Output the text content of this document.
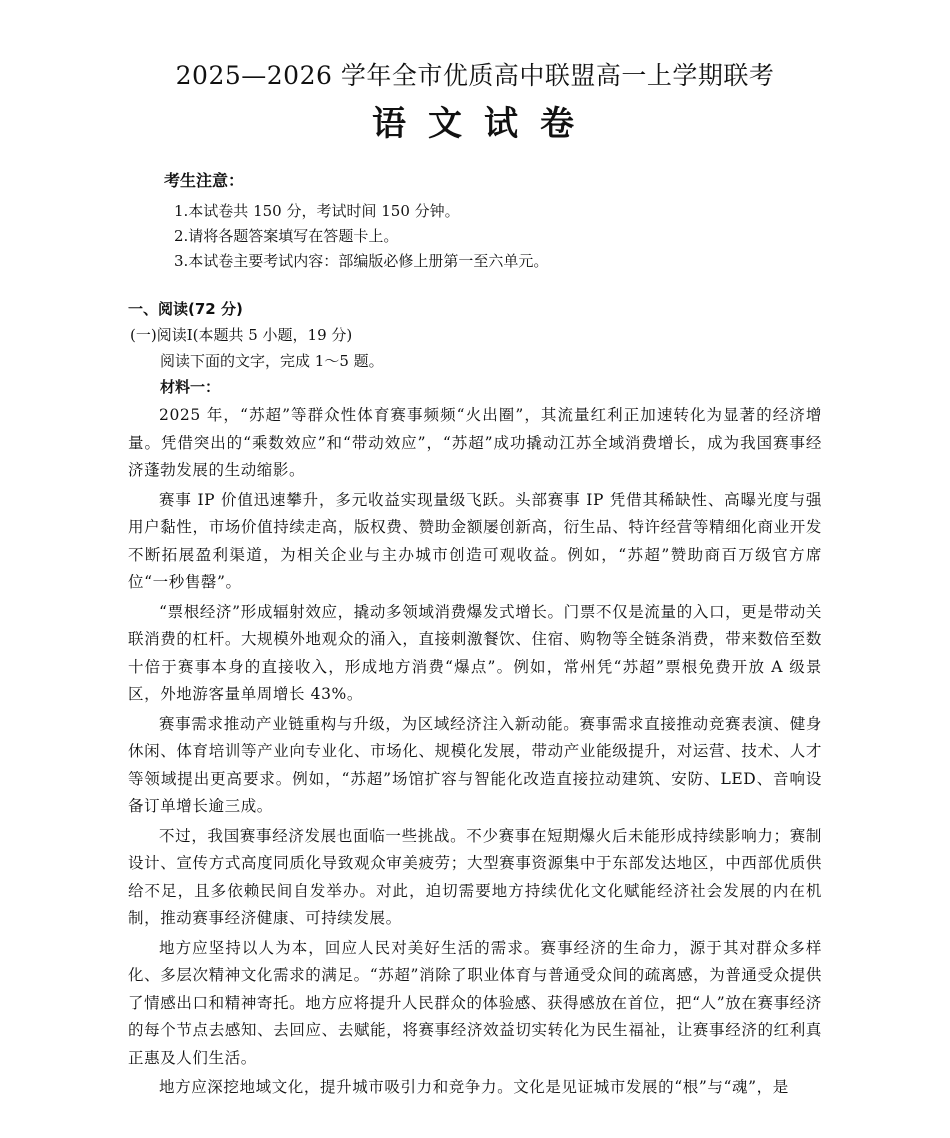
2025—2026 学年全市优质高中联盟高一上学期联考
语文试卷
考生注意：
1.本试卷共 150 分，考试时间 150 分钟。
2.请将各题答案填写在答题卡上。
3.本试卷主要考试内容：部编版必修上册第一至六单元。
一、阅读(72 分)
(一)阅读Ⅰ(本题共 5 小题，19 分)
阅读下面的文字，完成 1～5 题。
材料一：

2025 年，“苏超”等群众性体育赛事频频“火出圈”，其流量红利正加速转化为显著的经济增量。凭借突出的“乘数效应”和“带动效应”，“苏超”成功撬动江苏全域消费增长，成为我国赛事经济蓬勃发展的生动缩影。

赛事 IP 价值迅速攀升，多元收益实现量级飞跃。头部赛事 IP 凭借其稀缺性、高曝光度与强用户黏性，市场价值持续走高，版权费、赞助金额屡创新高，衍生品、特许经营等精细化商业开发不断拓展盈利渠道，为相关企业与主办城市创造可观收益。例如，“苏超”赞助商百万级官方席位“一秒售罄”。

“票根经济”形成辐射效应，撬动多领域消费爆发式增长。门票不仅是流量的入口，更是带动关联消费的杠杆。大规模外地观众的涌入，直接刺激餐饮、住宿、购物等全链条消费，带来数倍至数十倍于赛事本身的直接收入，形成地方消费“爆点”。例如，常州凭“苏超”票根免费开放 A 级景区，外地游客量单周增长 43%。

赛事需求推动产业链重构与升级，为区域经济注入新动能。赛事需求直接推动竞赛表演、健身休闲、体育培训等产业向专业化、市场化、规模化发展，带动产业能级提升，对运营、技术、人才等领域提出更高要求。例如，“苏超”场馆扩容与智能化改造直接拉动建筑、安防、LED、音响设备订单增长逾三成。

不过，我国赛事经济发展也面临一些挑战。不少赛事在短期爆火后未能形成持续影响力；赛制设计、宣传方式高度同质化导致观众审美疲劳；大型赛事资源集中于东部发达地区，中西部优质供给不足，且多依赖民间自发举办。对此，迫切需要地方持续优化文化赋能经济社会发展的内在机制，推动赛事经济健康、可持续发展。

地方应坚持以人为本，回应人民对美好生活的需求。赛事经济的生命力，源于其对群众多样化、多层次精神文化需求的满足。“苏超”消除了职业体育与普通受众间的疏离感，为普通受众提供了情感出口和精神寄托。地方应将提升人民群众的体验感、获得感放在首位，把“人”放在赛事经济的每个节点去感知、去回应、去赋能，将赛事经济效益切实转化为民生福祉，让赛事经济的红利真正惠及人们生活。

地方应深挖地域文化，提升城市吸引力和竞争力。文化是见证城市发展的“根”与“魂”，是
